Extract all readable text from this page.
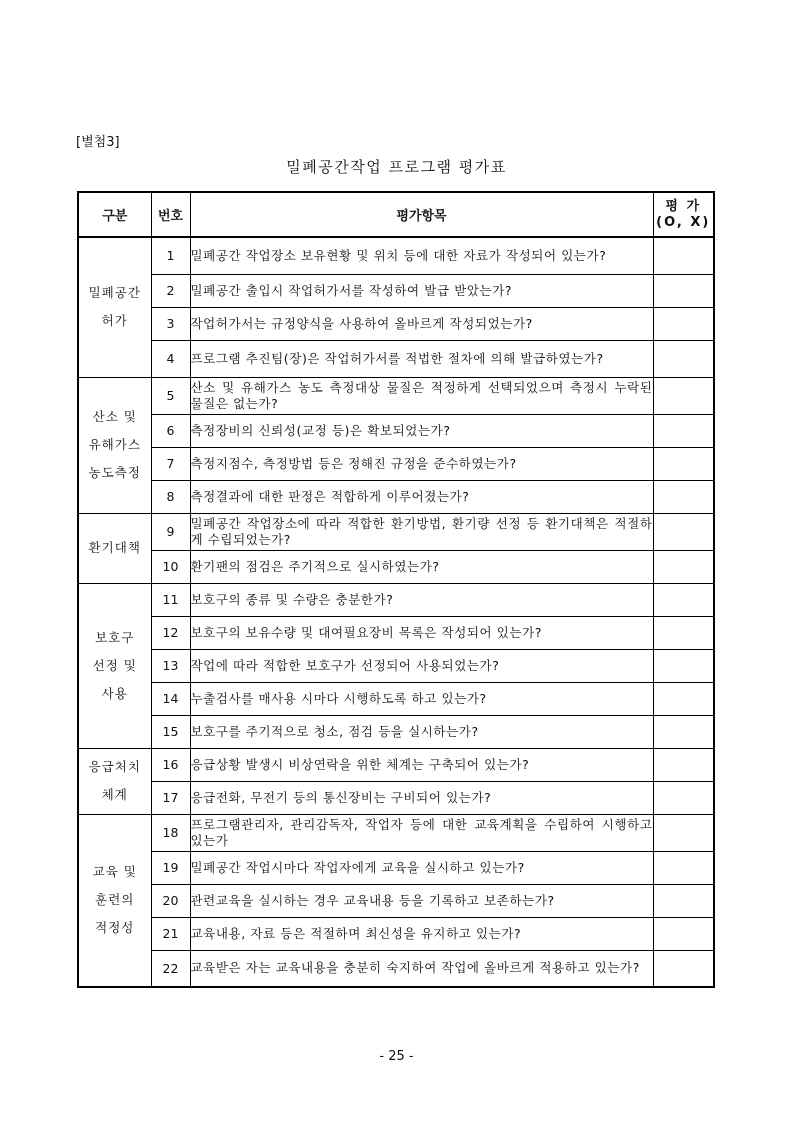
[별첨3]
밀폐공간작업 프로그램 평가표
구분	번호	평가항목	평 가
(O, X)

밀폐공간
허가	1	밀폐공간 작업장소 보유현황 및 위치 등에 대한 자료가 작성되어 있는가?	
	2	밀폐공간 출입시 작업허가서를 작성하여 발급 받았는가?	
	3	작업허가서는 규정양식을 사용하여 올바르게 작성되었는가?	
	4	프로그램 추진팀(장)은 작업허가서를 적법한 절차에 의해 발급하였는가?	

산소 및
유해가스
농도측정	5	산소 및 유해가스 농도 측정대상 물질은 적정하게 선택되었으며 측정시 누락된 물질은 없는가?	
	6	측정장비의 신뢰성(교정 등)은 확보되었는가?	
	7	측정지점수, 측정방법 등은 정해진 규정을 준수하였는가?	
	8	측정결과에 대한 판정은 적합하게 이루어졌는가?	

환기대책	9	밀폐공간 작업장소에 따라 적합한 환기방법, 환기량 선정 등 환기대책은 적절하게 수립되었는가?	
	10	환기팬의 점검은 주기적으로 실시하였는가?	

보호구
선정 및
사용	11	보호구의 종류 및 수량은 충분한가?	
	12	보호구의 보유수량 및 대여필요장비 목록은 작성되어 있는가?	
	13	작업에 따라 적합한 보호구가 선정되어 사용되었는가?	
	14	누출검사를 매사용 시마다 시행하도록 하고 있는가?	
	15	보호구를 주기적으로 청소, 점검 등을 실시하는가?	

응급처치
체계	16	응급상황 발생시 비상연락을 위한 체계는 구축되어 있는가?	
	17	응급전화, 무전기 등의 통신장비는 구비되어 있는가?	

교육 및
훈련의
적정성	18	프로그램관리자, 관리감독자, 작업자 등에 대한 교육계획을 수립하여 시행하고 있는가	
	19	밀폐공간 작업시마다 작업자에게 교육을 실시하고 있는가?	
	20	관련교육을 실시하는 경우 교육내용 등을 기록하고 보존하는가?	
	21	교육내용, 자료 등은 적절하며 최신성을 유지하고 있는가?	
	22	교육받은 자는 교육내용을 충분히 숙지하여 작업에 올바르게 적용하고 있는가?	
- 25 -
